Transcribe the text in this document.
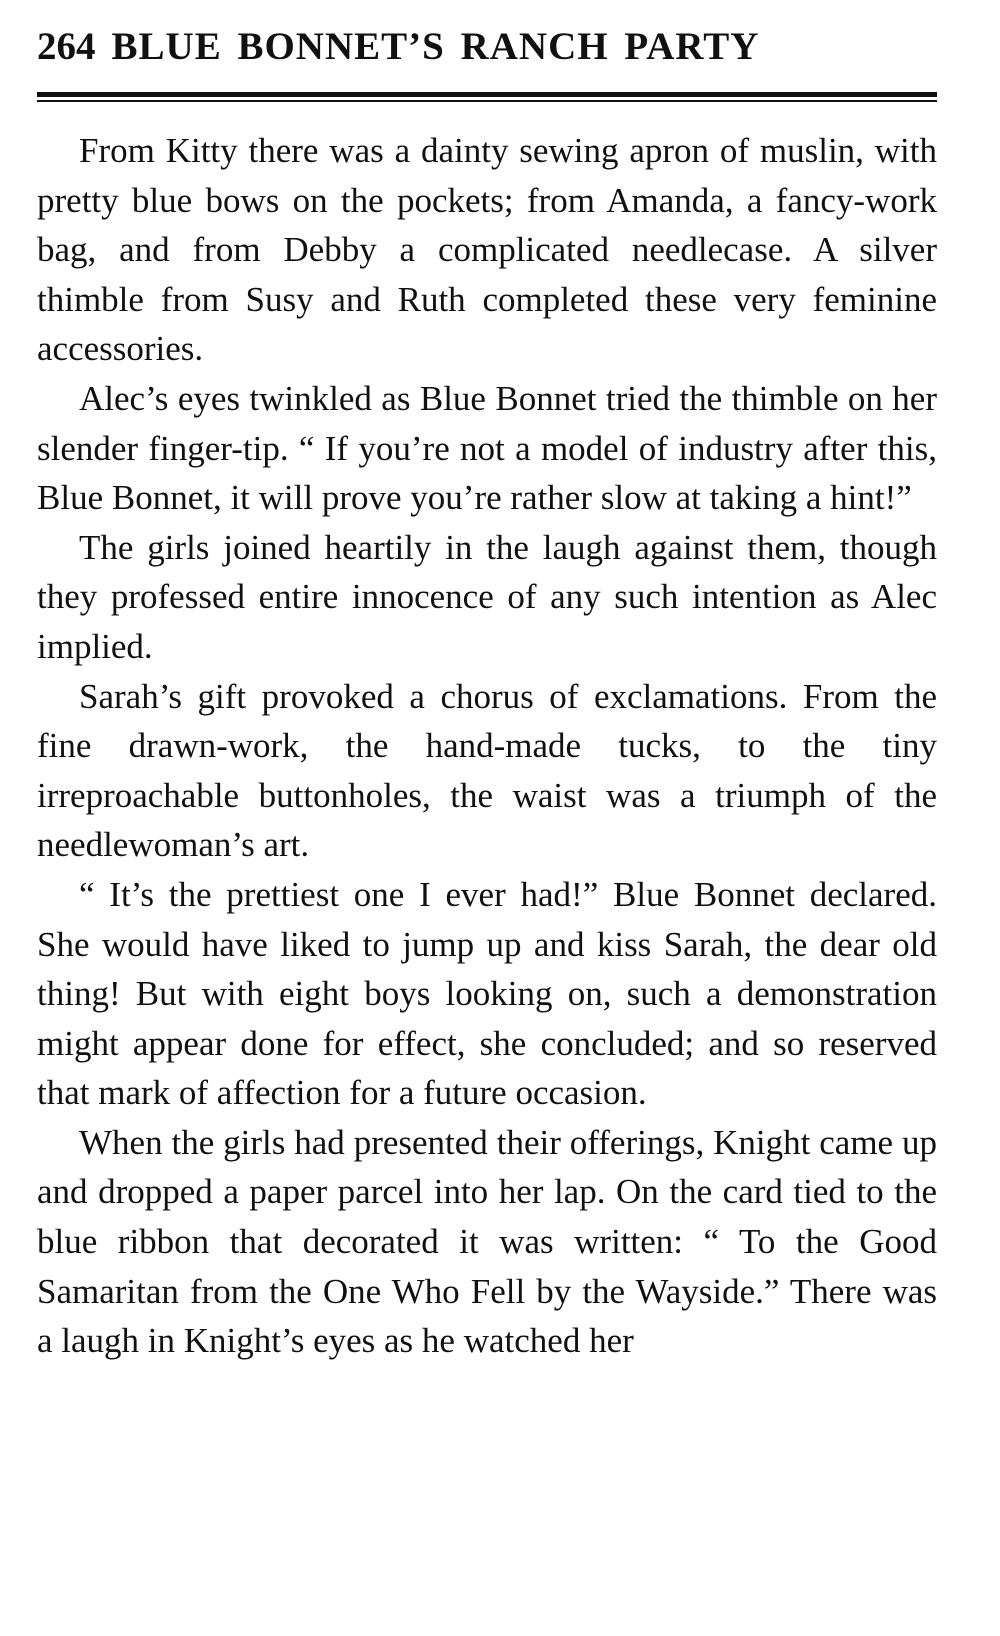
264 BLUE BONNET’S RANCH PARTY

From Kitty there was a dainty sewing apron of muslin, with pretty blue bows on the pockets; from Amanda, a fancy-work bag, and from Debby a complicated needlecase. A silver thimble from Susy and Ruth completed these very feminine accessories.

Alec’s eyes twinkled as Blue Bonnet tried the thimble on her slender finger-tip. “ If you’re not a model of industry after this, Blue Bonnet, it will prove you’re rather slow at taking a hint!”

The girls joined heartily in the laugh against them, though they professed entire innocence of any such intention as Alec implied.

Sarah’s gift provoked a chorus of exclamations. From the fine drawn-work, the hand-made tucks, to the tiny irreproachable buttonholes, the waist was a triumph of the needlewoman’s art.

“ It’s the prettiest one I ever had!” Blue Bonnet declared. She would have liked to jump up and kiss Sarah, the dear old thing! But with eight boys looking on, such a demonstration might appear done for effect, she concluded; and so reserved that mark of affection for a future occasion.

When the girls had presented their offerings, Knight came up and dropped a paper parcel into her lap. On the card tied to the blue ribbon that decorated it was written: “ To the Good Samaritan from the One Who Fell by the Wayside.” There was a laugh in Knight’s eyes as he watched her
